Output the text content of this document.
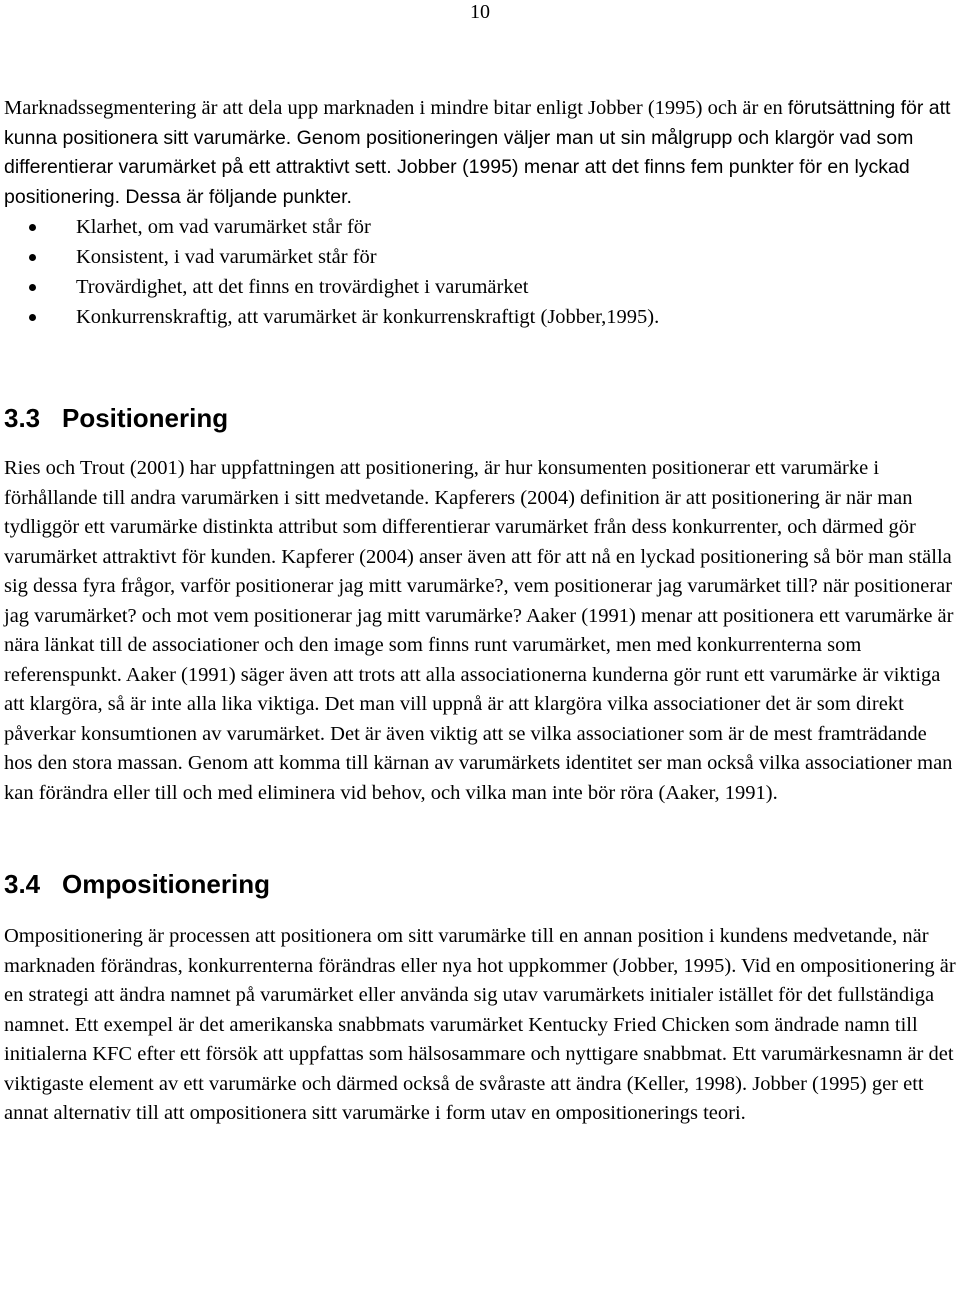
10

Marknadssegmentering är att dela upp marknaden i mindre bitar enligt Jobber (1995) och är en förutsättning för att kunna positionera sitt varumärke. Genom positioneringen väljer man ut sin målgrupp och klargör vad som differentierar varumärket på ett attraktivt sett. Jobber (1995) menar att det finns fem punkter för en lyckad positionering. Dessa är följande punkter.

Klarhet, om vad varumärket står för
Konsistent, i vad varumärket står för
Trovärdighet, att det finns en trovärdighet i varumärket
Konkurrenskraftig, att varumärket är konkurrenskraftigt (Jobber,1995).
3.3 Positionering

Ries och Trout (2001) har uppfattningen att positionering, är hur konsumenten positionerar ett varumärke i förhållande till andra varumärken i sitt medvetande. Kapferers (2004) definition är att positionering är när man tydliggör ett varumärke distinkta attribut som differentierar varumärket från dess konkurrenter, och därmed gör varumärket attraktivt för kunden. Kapferer (2004) anser även att för att nå en lyckad positionering så bör man ställa sig dessa fyra frågor, varför positionerar jag mitt varumärke?, vem positionerar jag varumärket till? när positionerar jag varumärket? och mot vem positionerar jag mitt varumärke? Aaker (1991) menar att positionera ett varumärke är nära länkat till de associationer och den image som finns runt varumärket, men med konkurrenterna som referenspunkt. Aaker (1991) säger även att trots att alla associationerna kunderna gör runt ett varumärke är viktiga att klargöra, så är inte alla lika viktiga. Det man vill uppnå är att klargöra vilka associationer det är som direkt påverkar konsumtionen av varumärket. Det är även viktig att se vilka associationer som är de mest framträdande hos den stora massan. Genom att komma till kärnan av varumärkets identitet ser man också vilka associationer man kan förändra eller till och med eliminera vid behov, och vilka man inte bör röra (Aaker, 1991).

3.4 Ompositionering

Ompositionering är processen att positionera om sitt varumärke till en annan position i kundens medvetande, när marknaden förändras, konkurrenterna förändras eller nya hot uppkommer (Jobber, 1995). Vid en ompositionering är en strategi att ändra namnet på varumärket eller använda sig utav varumärkets initialer istället för det fullständiga namnet. Ett exempel är det amerikanska snabbmats varumärket Kentucky Fried Chicken som ändrade namn till initialerna KFC efter ett försök att uppfattas som hälsosammare och nyttigare snabbmat. Ett varumärkesnamn är det viktigaste element av ett varumärke och därmed också de svåraste att ändra (Keller, 1998). Jobber (1995) ger ett annat alternativ till att ompositionera sitt varumärke i form utav en ompositionerings teori.
